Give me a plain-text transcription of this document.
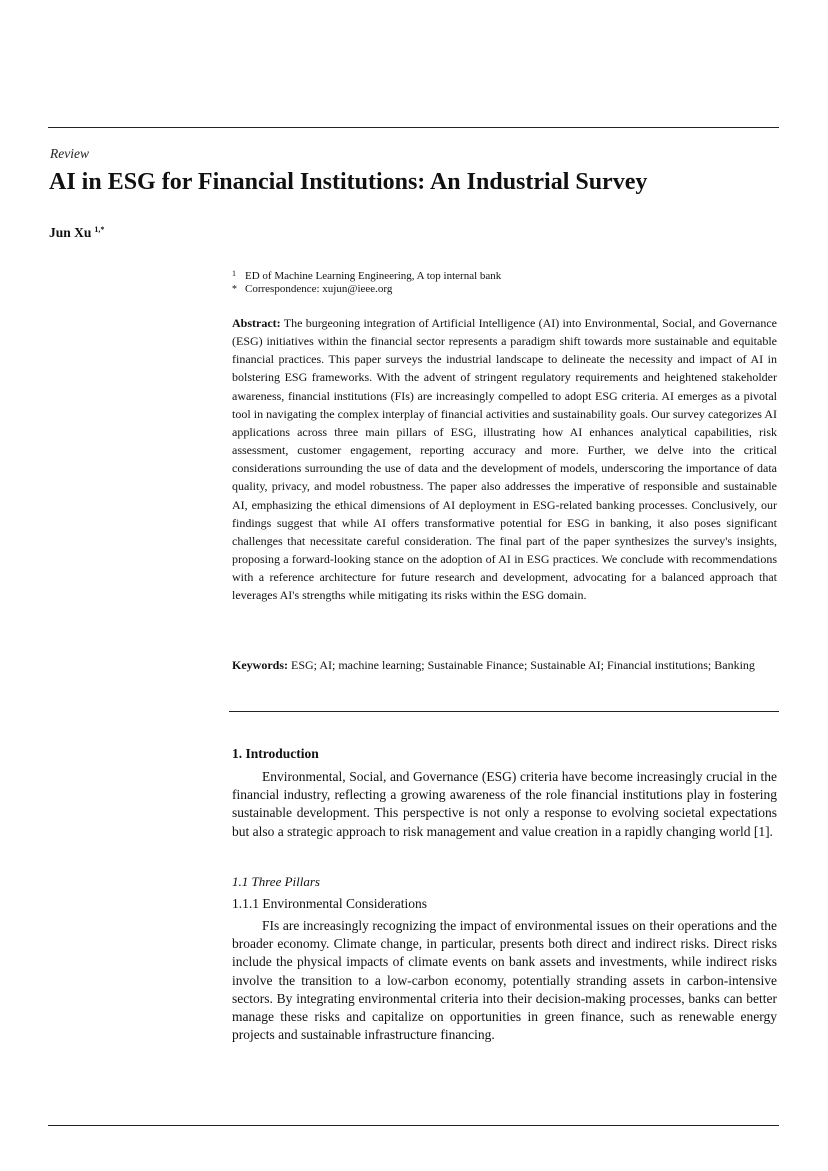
Review
AI in ESG for Financial Institutions: An Industrial Survey
Jun Xu $^{1,*}$
1 ED of Machine Learning Engineering, A top internal bank
* Correspondence: xujun@ieee.org

Abstract: The burgeoning integration of Artificial Intelligence (AI) into Environmental, Social, and Governance (ESG) initiatives within the financial sector represents a paradigm shift towards more sustainable and equitable financial practices. This paper surveys the industrial landscape to delineate the necessity and impact of AI in bolstering ESG frameworks. With the advent of stringent regulatory requirements and heightened stakeholder awareness, financial institutions (FIs) are increasingly compelled to adopt ESG criteria. AI emerges as a pivotal tool in navigating the complex interplay of financial activities and sustainability goals. Our survey categorizes AI applications across three main pillars of ESG, illustrating how AI enhances analytical capabilities, risk assessment, customer engagement, reporting accuracy and more. Further, we delve into the critical considerations surrounding the use of data and the development of models, underscoring the importance of data quality, privacy, and model robustness. The paper also addresses the imperative of responsible and sustainable AI, emphasizing the ethical dimensions of AI deployment in ESG-related banking processes. Conclusively, our findings suggest that while AI offers transformative potential for ESG in banking, it also poses significant challenges that necessitate careful consideration. The final part of the paper synthesizes the survey's insights, proposing a forward-looking stance on the adoption of AI in ESG practices. We conclude with recommendations with a reference architecture for future research and development, advocating for a balanced approach that leverages AI's strengths while mitigating its risks within the ESG domain.

Keywords: ESG; AI; machine learning; Sustainable Finance; Sustainable AI; Financial institutions; Banking

1. Introduction

Environmental, Social, and Governance (ESG) criteria have become increasingly crucial in the financial industry, reflecting a growing awareness of the role financial institutions play in fostering sustainable development. This perspective is not only a response to evolving societal expectations but also a strategic approach to risk management and value creation in a rapidly changing world [1].

1.1 Three Pillars
1.1.1 Environmental Considerations

FIs are increasingly recognizing the impact of environmental issues on their operations and the broader economy. Climate change, in particular, presents both direct and indirect risks. Direct risks include the physical impacts of climate events on bank assets and investments, while indirect risks involve the transition to a low-carbon economy, potentially stranding assets in carbon-intensive sectors. By integrating environmental criteria into their decision-making processes, banks can better manage these risks and capitalize on opportunities in green finance, such as renewable energy projects and sustainable infrastructure financing.
